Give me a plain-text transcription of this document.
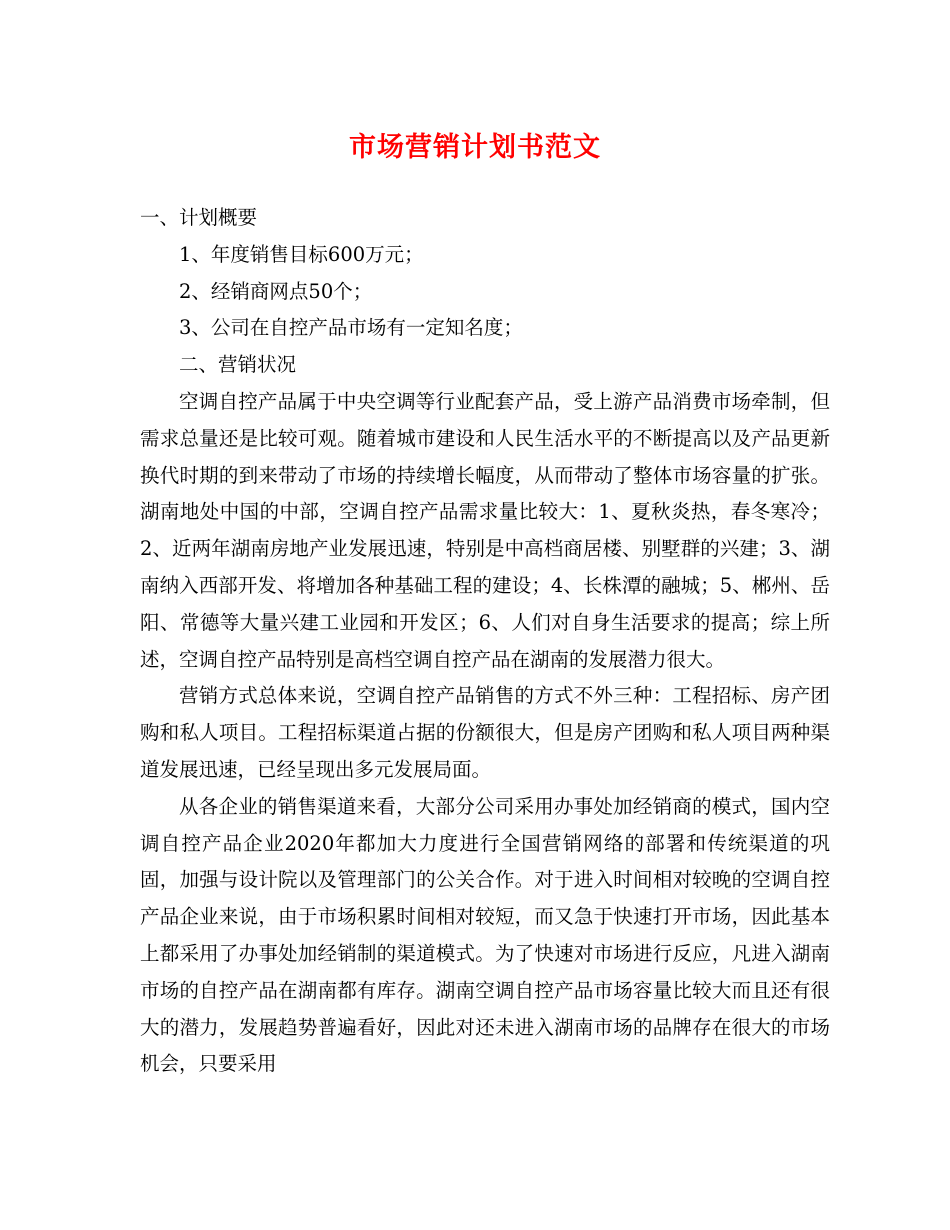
市场营销计划书范文

一、计划概要

1、年度销售目标600万元；

2、经销商网点50个；

3、公司在自控产品市场有一定知名度；

二、营销状况

空调自控产品属于中央空调等行业配套产品，受上游产品消费市场牵制，但需求总量还是比较可观。随着城市建设和人民生活水平的不断提高以及产品更新换代时期的到来带动了市场的持续增长幅度，从而带动了整体市场容量的扩张。湖南地处中国的中部，空调自控产品需求量比较大：1、夏秋炎热，春冬寒冷；2、近两年湖南房地产业发展迅速，特别是中高档商居楼、别墅群的兴建；3、湖南纳入西部开发、将增加各种基础工程的建设；4、长株潭的融城；5、郴州、岳阳、常德等大量兴建工业园和开发区；6、人们对自身生活要求的提高；综上所述，空调自控产品特别是高档空调自控产品在湖南的发展潜力很大。

营销方式总体来说，空调自控产品销售的方式不外三种：工程招标、房产团购和私人项目。工程招标渠道占据的份额很大，但是房产团购和私人项目两种渠道发展迅速，已经呈现出多元发展局面。

从各企业的销售渠道来看，大部分公司采用办事处加经销商的模式，国内空调自控产品企业2020年都加大力度进行全国营销网络的部署和传统渠道的巩固，加强与设计院以及管理部门的公关合作。对于进入时间相对较晚的空调自控产品企业来说，由于市场积累时间相对较短，而又急于快速打开市场，因此基本上都采用了办事处加经销制的渠道模式。为了快速对市场进行反应，凡进入湖南市场的自控产品在湖南都有库存。湖南空调自控产品市场容量比较大而且还有很大的潜力，发展趋势普遍看好，因此对还未进入湖南市场的品牌存在很大的市场机会，只要采用
